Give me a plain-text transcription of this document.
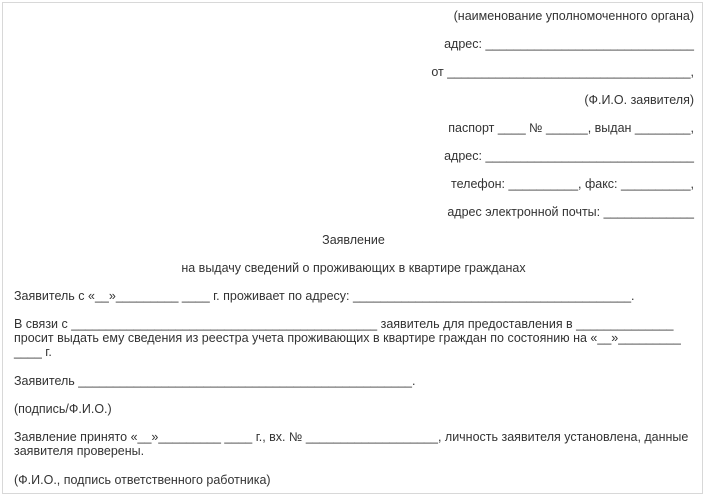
(наименование уполномоченного органа)
адрес: ______________________________
от ___________________________________,
(Ф.И.О. заявителя)
паспорт ____ № ______, выдан ________,
адрес: ______________________________
телефон: __________, факс: __________,
адрес электронной почты: _____________
Заявление
на выдачу сведений о проживающих в квартире гражданах
Заявитель с «__»_________ ____ г. проживает по адресу: ________________________________________.
В связи с ____________________________________________ заявитель для предоставления в ______________ просит выдать ему сведения из реестра учета проживающих в квартире граждан по состоянию на «__»_________ ____ г.
Заявитель ________________________________________________.
(подпись/Ф.И.О.)
Заявление принято «__»_________ ____ г., вх. № ___________________, личность заявителя установлена, данные заявителя проверены.
(Ф.И.О., подпись ответственного работника)
